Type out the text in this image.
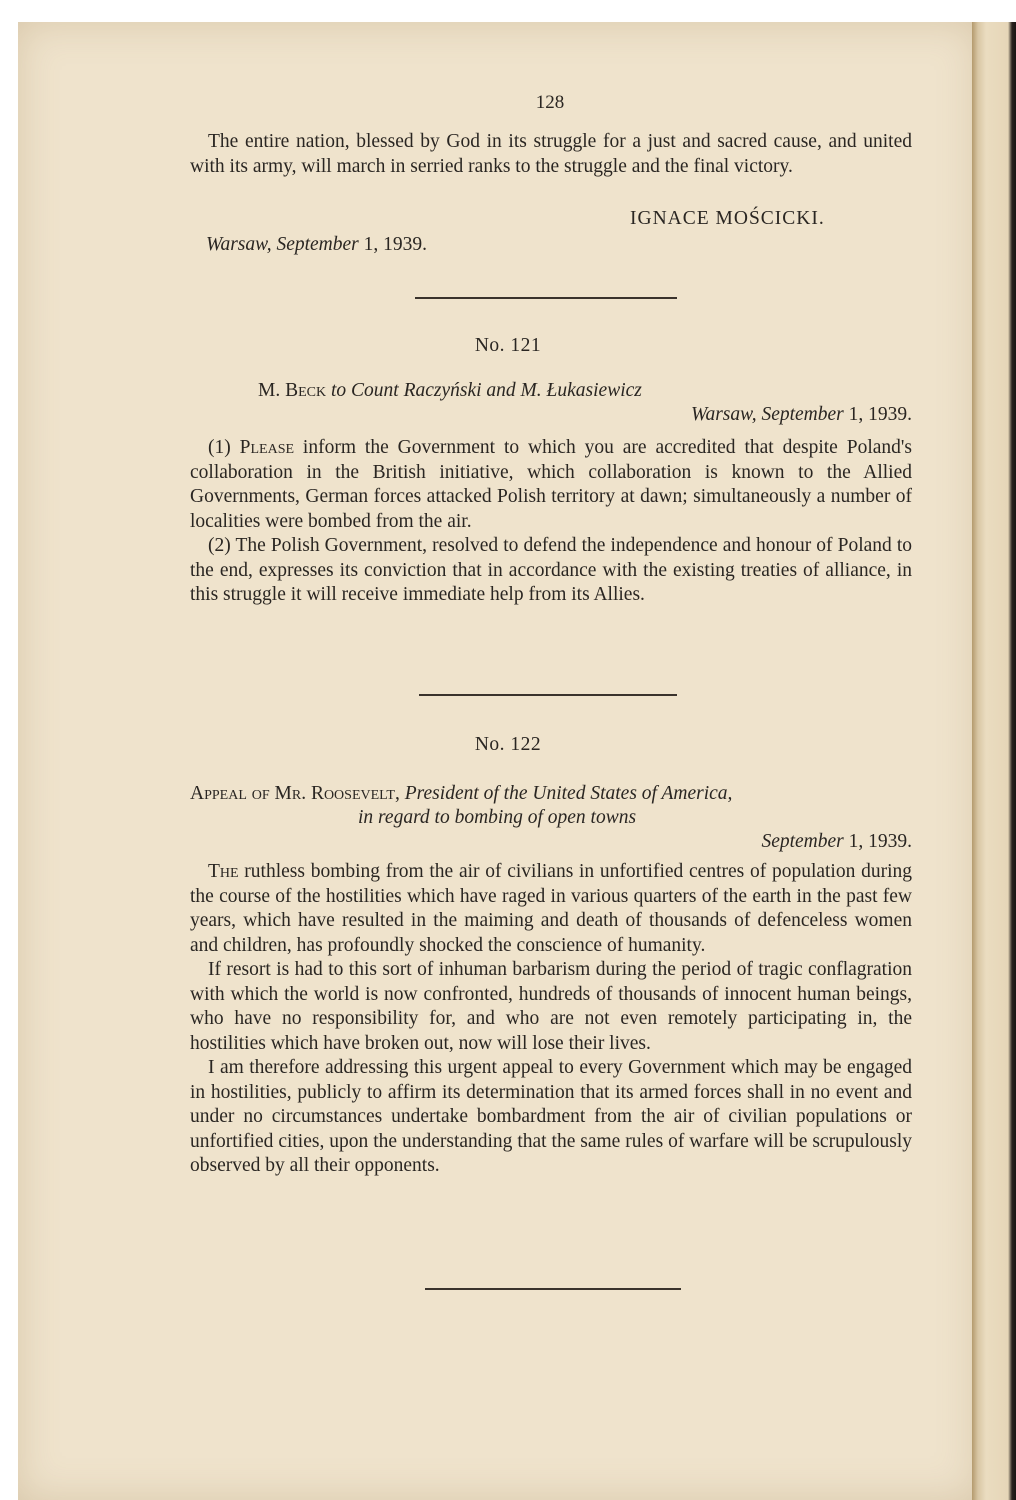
128

The entire nation, blessed by God in its struggle for a just and sacred cause, and united with its army, will march in serried ranks to the struggle and the final victory.

IGNACE MOŚCICKI.
Warsaw, September 1, 1939.
No. 121
M. Beck to Count Raczyński and M. Łukasiewicz
Warsaw, September 1, 1939.

(1) Please inform the Government to which you are accredited that despite Poland's collaboration in the British initiative, which collaboration is known to the Allied Governments, German forces attacked Polish territory at dawn; simultaneously a number of localities were bombed from the air.

(2) The Polish Government, resolved to defend the independence and honour of Poland to the end, expresses its conviction that in accordance with the existing treaties of alliance, in this struggle it will receive immediate help from its Allies.

No. 122
Appeal of Mr. Roosevelt, President of the United States of America,
in regard to bombing of open towns
September 1, 1939.

The ruthless bombing from the air of civilians in unfortified centres of population during the course of the hostilities which have raged in various quarters of the earth in the past few years, which have resulted in the maiming and death of thousands of defenceless women and children, has profoundly shocked the conscience of humanity.

If resort is had to this sort of inhuman barbarism during the period of tragic conflagration with which the world is now confronted, hundreds of thousands of innocent human beings, who have no responsibility for, and who are not even remotely participating in, the hostilities which have broken out, now will lose their lives.

I am therefore addressing this urgent appeal to every Government which may be engaged in hostilities, publicly to affirm its determination that its armed forces shall in no event and under no circumstances undertake bombardment from the air of civilian populations or unfortified cities, upon the understanding that the same rules of warfare will be scrupulously observed by all their opponents.
